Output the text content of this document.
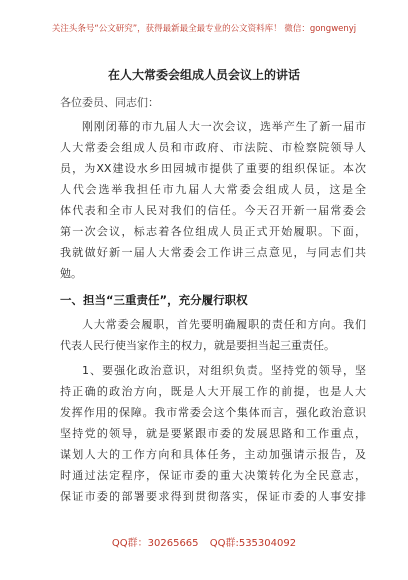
关注头条号“公文研究”，获得最新最全最专业的公文资料库！ 微信：gongwenyj
在人大常委会组成人员会议上的讲话
各位委员、同志们：
刚刚闭幕的市九届人大一次会议，选举产生了新一届市
人大常委会组成人员和市政府、市法院、市检察院领导人
员，为XX建设水乡田园城市提供了重要的组织保证。本次
人代会选举我担任市九届人大常委会组成人员，这是全
体代表和全市人民对我们的信任。今天召开新一届常委会
第一次会议，标志着各位组成人员正式开始履职。下面，
我就做好新一届人大常委会工作讲三点意见，与同志们共
勉。
一、担当“三重责任”，充分履行职权
人大常委会履职，首先要明确履职的责任和方向。我们
代表人民行使当家作主的权力，就是要担当起三重责任。
1、要强化政治意识，对组织负责。坚持党的领导，坚
持正确的政治方向，既是人大开展工作的前提，也是人大
发挥作用的保障。我市常委会这个集体而言，强化政治意识
坚持党的领导，就是要紧跟市委的发展思路和工作重点，
谋划人大的工作方向和具体任务，主动加强请示报告，及
时通过法定程序，保证市委的重大决策转化为全民意志，
保证市委的部署要求得到贯彻落实，保证市委的人事安排
QQ群：30265665 QQ群:535304092
